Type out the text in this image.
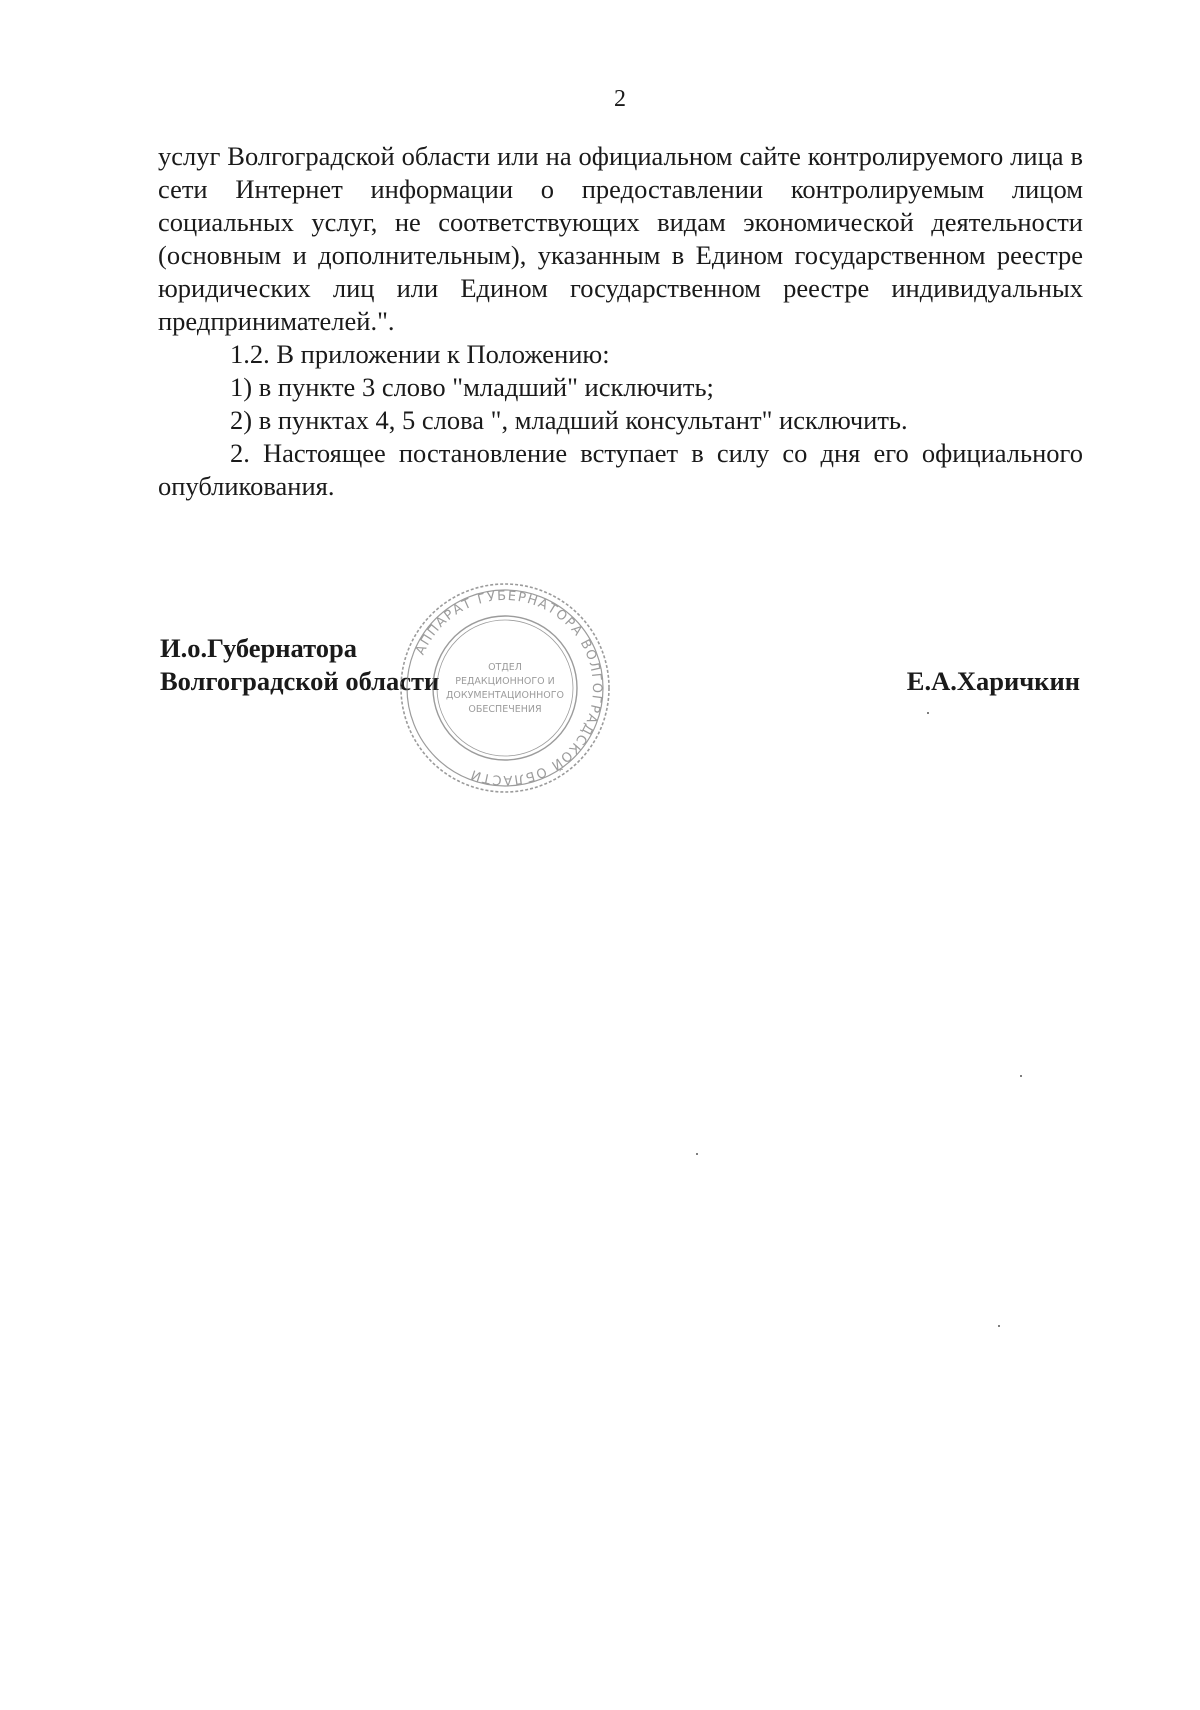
2

услуг Волгоградской области или на официальном сайте контролируемого лица в сети Интернет информации о предоставлении контролируемым лицом социальных услуг, не соответствующих видам экономической деятельности (основным и дополнительным), указанным в Едином государственном реестре юридических лиц или Едином государственном реестре индивидуальных предпринимателей.".

1.2. В приложении к Положению:

1) в пункте 3 слово "младший" исключить;

2) в пунктах 4, 5 слова ", младший консультант" исключить.

2. Настоящее постановление вступает в силу со дня его официального опубликования.

И.о.Губернатора
Волгоградской области	Е.А.Харичкин
АППАРАТ ГУБЕРНАТОРА ВОЛГОГРАДСКОЙ ОБЛАСТИ
ОТДЕЛ
РЕДАКЦИОННОГО И
ДОКУМЕНТАЦИОННОГО
ОБЕСПЕЧЕНИЯ
